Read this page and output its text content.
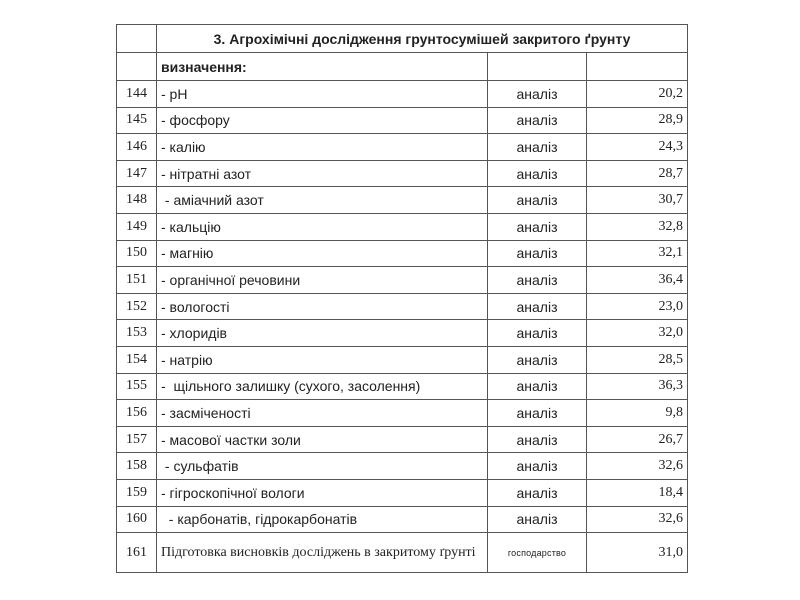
	3. Агрохімічні дослідження грунтосумішей закритого ґрунту		
	визначення:		
144	- pH	аналіз	20,2
145	- фосфору	аналіз	28,9
146	- калію	аналіз	24,3
147	- нітратні азот	аналіз	28,7
148	- аміачний азот	аналіз	30,7
149	- кальцію	аналіз	32,8
150	- магнію	аналіз	32,1
151	- органічної речовини	аналіз	36,4
152	- вологості	аналіз	23,0
153	- хлоридів	аналіз	32,0
154	- натрію	аналіз	28,5
155	-  щільного залишку (сухого, засолення)	аналіз	36,3
156	- засміченості	аналіз	9,8
157	- масової частки золи	аналіз	26,7
158	- сульфатів	аналіз	32,6
159	- гігроскопічної вологи	аналіз	18,4
160	- карбонатів, гідрокарбонатів	аналіз	32,6
161	Підготовка висновків досліджень в закритому ґрунті	господарство	31,0
